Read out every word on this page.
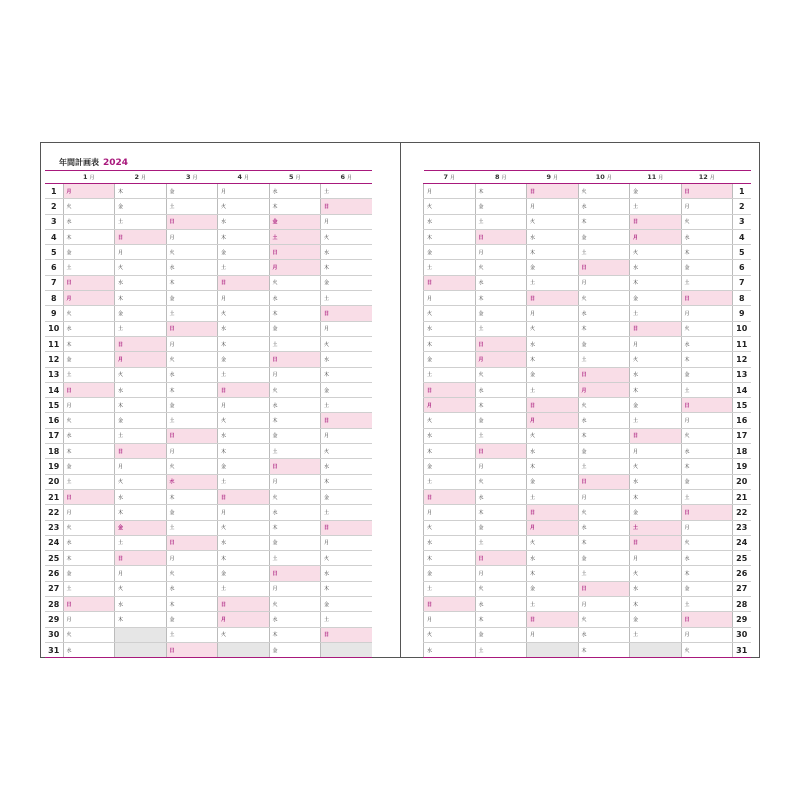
年間計画表 2024
	1 月	2 月	3 月	4 月	5 月	6 月
1	月	木	金	月	水	土
2	火	金	土	火	木	日
3	水	土	日	水	金	月
4	木	日	月	木	土	火
5	金	月	火	金	日	水
6	土	火	水	土	月	木
7	日	水	木	日	火	金
8	月	木	金	月	水	土
9	火	金	土	火	木	日
10	水	土	日	水	金	月
11	木	日	月	木	土	火
12	金	月	火	金	日	水
13	土	火	水	土	月	木
14	日	水	木	日	火	金
15	月	木	金	月	水	土
16	火	金	土	火	木	日
17	水	土	日	水	金	月
18	木	日	月	木	土	火
19	金	月	火	金	日	水
20	土	火	水	土	月	木
21	日	水	木	日	火	金
22	月	木	金	月	水	土
23	火	金	土	火	木	日
24	水	土	日	水	金	月
25	木	日	月	木	土	火
26	金	月	火	金	日	水
27	土	火	水	土	月	木
28	日	水	木	日	火	金
29	月	木	金	月	水	土
30	火		土	火	木	日
31	水		日		金	
7 月	8 月	9 月	10 月	11 月	12 月	
月	木	日	火	金	日	1
火	金	月	水	土	月	2
水	土	火	木	日	火	3
木	日	水	金	月	水	4
金	月	木	土	火	木	5
土	火	金	日	水	金	6
日	水	土	月	木	土	7
月	木	日	火	金	日	8
火	金	月	水	土	月	9
水	土	火	木	日	火	10
木	日	水	金	月	水	11
金	月	木	土	火	木	12
土	火	金	日	水	金	13
日	水	土	月	木	土	14
月	木	日	火	金	日	15
火	金	月	水	土	月	16
水	土	火	木	日	火	17
木	日	水	金	月	水	18
金	月	木	土	火	木	19
土	火	金	日	水	金	20
日	水	土	月	木	土	21
月	木	日	火	金	日	22
火	金	月	水	土	月	23
水	土	火	木	日	火	24
木	日	水	金	月	水	25
金	月	木	土	火	木	26
土	火	金	日	水	金	27
日	水	土	月	木	土	28
月	木	日	火	金	日	29
火	金	月	水	土	月	30
水	土		木		火	31
